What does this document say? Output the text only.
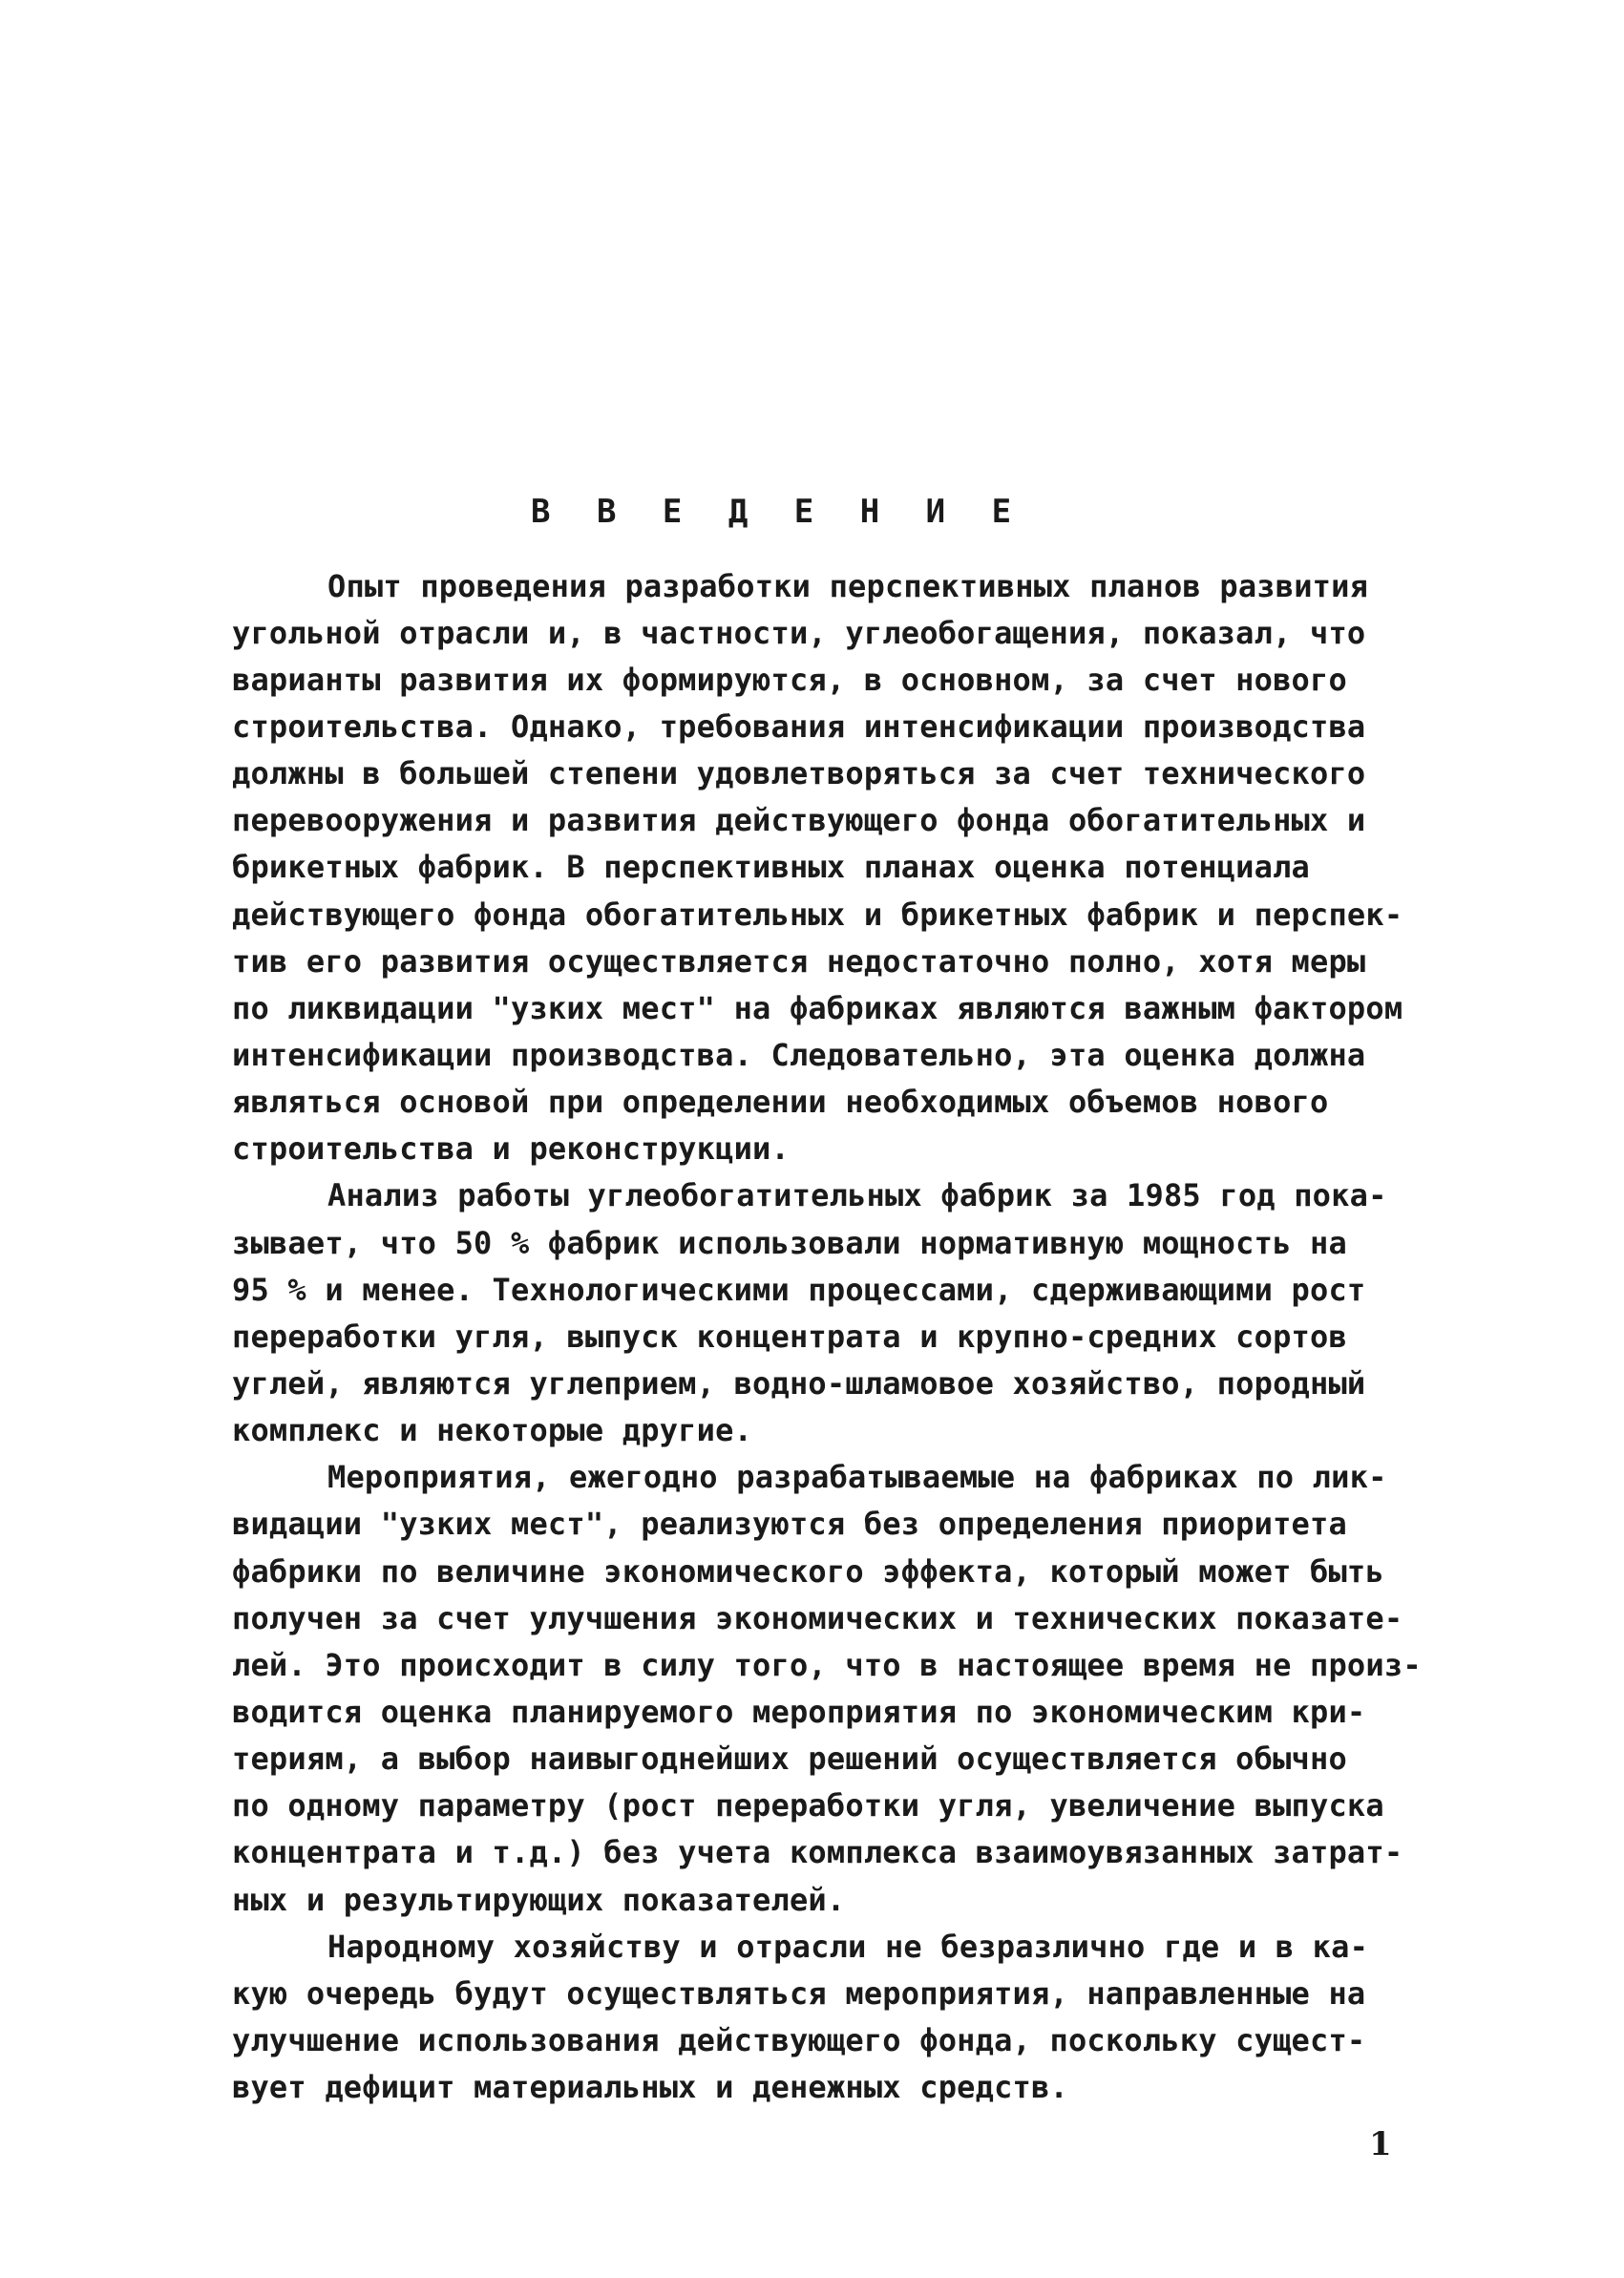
В В Е Д Е Н И Е
Опыт проведения разработки перспективных планов развития
угольной отрасли и, в частности, углеобогащения, показал, что
варианты развития их формируются, в основном, за счет нового
строительства. Однако, требования интенсификации производства
должны в большей степени удовлетворяться за счет технического
перевооружения и развития действующего фонда обогатительных и
брикетных фабрик. В перспективных планах оценка потенциала
действующего фонда обогатительных и брикетных фабрик и перспек-
тив его развития осуществляется недостаточно полно, хотя меры
по ликвидации "узких мест" на фабриках являются важным фактором
интенсификации производства. Следовательно, эта оценка должна
являться основой при определении необходимых объемов нового
строительства и реконструкции.
Анализ работы углеобогатительных фабрик за 1985 год пока-
зывает, что 50 % фабрик использовали нормативную мощность на
95 % и менее. Технологическими процессами, сдерживающими рост
переработки угля, выпуск концентрата и крупно-средних сортов
углей, являются углеприем, водно-шламовое хозяйство, породный
комплекс и некоторые другие.
Мероприятия, ежегодно разрабатываемые на фабриках по лик-
видации "узких мест", реализуются без определения приоритета
фабрики по величине экономического эффекта, который может быть
получен за счет улучшения экономических и технических показате-
лей. Это происходит в силу того, что в настоящее время не произ-
водится оценка планируемого мероприятия по экономическим кри-
териям, а выбор наивыгоднейших решений осуществляется обычно
по одному параметру (рост переработки угля, увеличение выпуска
концентрата и т.д.) без учета комплекса взаимоувязанных затрат-
ных и результирующих показателей.
Народному хозяйству и отрасли не безразлично где и в ка-
кую очередь будут осуществляться мероприятия, направленные на
улучшение использования действующего фонда, поскольку сущест-
вует дефицит материальных и денежных средств.
1
